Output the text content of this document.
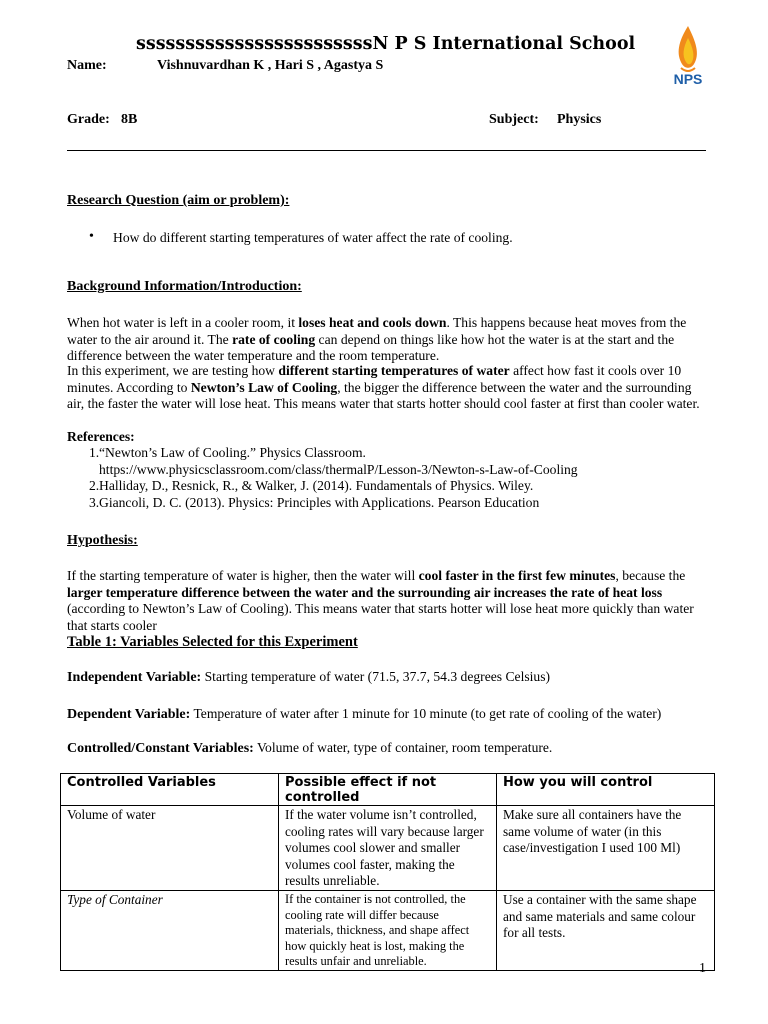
ssssssssssssssssssssssssN P S International School
Name:	Vishnuvardhan K , Hari S , Agastya S
Grade: 8B	Subject: Physics
NPS
Research Question (aim or problem):
• How do different starting temperatures of water affect the rate of cooling.
Background Information/Introduction:
When hot water is left in a cooler room, it loses heat and cools down. This happens because heat moves from the water to the air around it. The rate of cooling can depend on things like how hot the water is at the start and the difference between the water temperature and the room temperature.
In this experiment, we are testing how different starting temperatures of water affect how fast it cools over 10 minutes. According to Newton’s Law of Cooling, the bigger the difference between the water and the surrounding air, the faster the water will lose heat. This means water that starts hotter should cool faster at first than cooler water.
References:
1. “Newton’s Law of Cooling.” Physics Classroom. https://www.physicsclassroom.com/class/thermalP/Lesson-3/Newton-s-Law-of-Cooling
2. Halliday, D., Resnick, R., & Walker, J. (2014). Fundamentals of Physics. Wiley.
3. Giancoli, D. C. (2013). Physics: Principles with Applications. Pearson Education
Hypothesis:
If the starting temperature of water is higher, then the water will cool faster in the first few minutes, because the larger temperature difference between the water and the surrounding air increases the rate of heat loss (according to Newton’s Law of Cooling). This means water that starts hotter will lose heat more quickly than water that starts cooler
Table 1: Variables Selected for this Experiment
Independent Variable: Starting temperature of water (71.5, 37.7, 54.3 degrees Celsius)
Dependent Variable: Temperature of water after 1 minute for 10 minute (to get rate of cooling of the water)
Controlled/Constant Variables: Volume of water, type of container, room temperature.
Controlled Variables	Possible effect if not controlled	How you will control
Volume of water	If the water volume isn’t controlled, cooling rates will vary because larger volumes cool slower and smaller volumes cool faster, making the results unreliable.	Make sure all containers have the same volume of water (in this case/investigation I used 100 Ml)
Type of Container	If the container is not controlled, the cooling rate will differ because materials, thickness, and shape affect how quickly heat is lost, making the results unfair and unreliable.	Use a container with the same shape and same materials and same colour for all tests.
1
